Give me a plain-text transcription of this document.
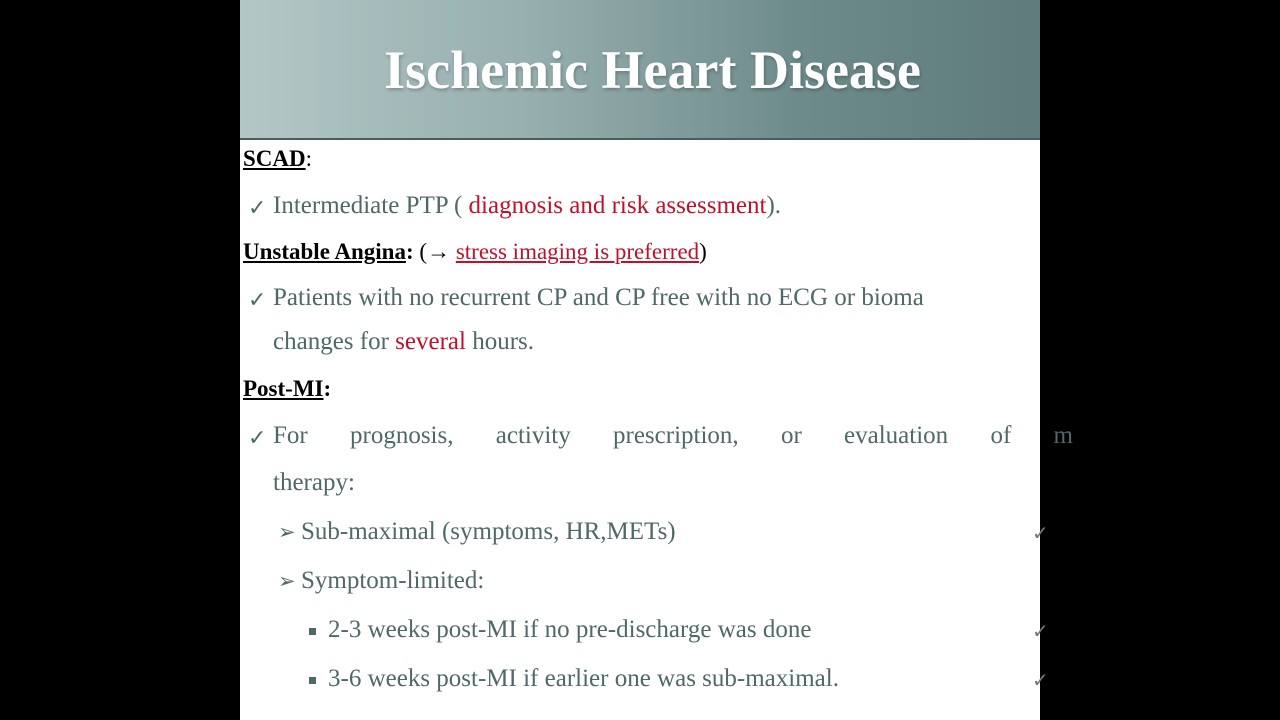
Ischemic Heart Disease
SCAD:
✓ Intermediate PTP ( diagnosis and risk assessment).
Unstable Angina: (→ stress imaging is preferred)
✓ Patients with no recurrent CP and CP free with no ECG or bioma
changes for several hours.
Post-MI:
✓ For prognosis, activity prescription, or evaluation of m
therapy:
➢ Sub-maximal (symptoms, HR,METs)	✓
➢ Symptom-limited:
2-3 weeks post-MI if no pre-discharge was done	✓
3-6 weeks post-MI if earlier one was sub-maximal.	✓
